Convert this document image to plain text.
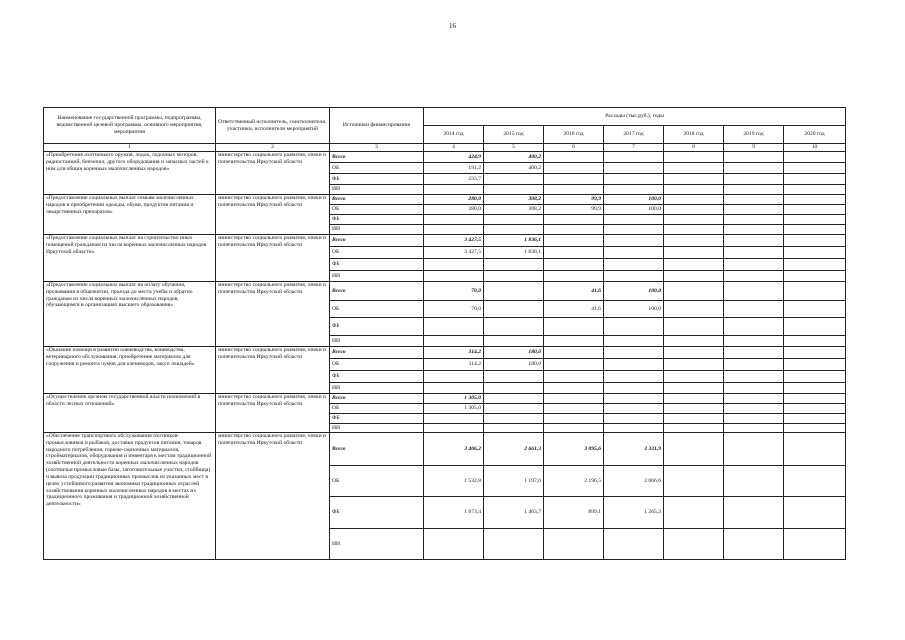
16
Наименование государственной программы, подпрограммы, ведомственной целевой программы, основного мероприятия, мероприятия	Ответственный исполнитель, соисполнители, участники, исполнители мероприятий	Источники финансирования	Расходы (тыс.руб.), годы						
			2014 год	2015 год	2016 год	2017 год	2018 год	2019 год	2020 год
1	2	3	4	5	6	7	8	9	10
«Приобретение охотничьего оружия, лодок, лодочных моторов, радиостанций, бензопил, другого оборудования и запасных частей к ним для общин коренных малочисленных народов»	министерство социального развития, опеки и попечительства Иркутской области	Всего	424,9	400,2					
		ОБ	191,2	400,2					
		ФБ	233,7						
		ИИ							
«Предоставление социальных выплат семьям малочисленных народов в приобретении одежды, обуви, продуктов питания и лекарственных препаратов»	министерство социального развития, опеки и попечительства Иркутской области	Всего	280,0	308,2	99,9	100,0			
		ОБ	280,0	308,2	99,9	100,0			
		ФБ							
		ИИ							
«Предоставление социальных выплат на строительство иных помещений гражданам из числа коренных малочисленных народов Иркутской области»	министерство социального развития, опеки и попечительства Иркутской области	Всего	3 427,5	1 836,1					
		ОБ	3 427,5	1 836,1					
		ФБ							
		ИИ							
«Предоставление социальных выплат на оплату обучения, проживания в общежитии, проезда до места учебы и обратно гражданам из числа коренных малочисленных народов, обучающимся в организациях высшего образования»	министерство социального развития, опеки и попечительства Иркутской области	Всего	70,0		41,6	100,0			
		ОБ	70,0		41,6	100,0			
		ФБ							
		ИИ							
«Оказание помощи в развитии оленеводства, коневодства, ветеринарного обслуживания, приобретение материалов для сооружения и ремонта чумов для оленеводов, закуп лошадей»	министерство социального развития, опеки и попечительства Иркутской области	Всего	314,2	180,0					
		ОБ	314,2	180,0					
		ФБ							
		ИИ							
«Осуществление органом государственной власти полномочий в области лесных отношений»	министерство социального развития, опеки и попечительства Иркутской области	Всего	1 305,0						
		ОБ	1 305,0						
		ФБ							
		ИИ							
«Обеспечение транспортного обслуживания охотников-промысловиков и рыбаков, доставки продуктов питания, товаров народного потребления, горюче-смазочных материалов, стройматериалов, оборудования и инвентаря к местам традиционной хозяйственной деятельности коренных малочисленных народов (охотничьи промысловые базы, заготовительные участки, стойбища) и вывоза продукции традиционных промыслов из указанных мест в целях устойчивого развития экономики традиционных отраслей хозяйствования коренных малочисленных народов в местах их традиционного проживания и традиционной хозяйственной деятельности»	министерство социального развития, опеки и попечительства Иркутской области	Всего	3 406,2	2 661,3	3 095,6	3 331,9			
		ОБ	1 532,8	1 197,6	2 196,5	2 066,6			
		ФБ	1 873,4	1 463,7	899,1	1 265,3			
		ИИ							
